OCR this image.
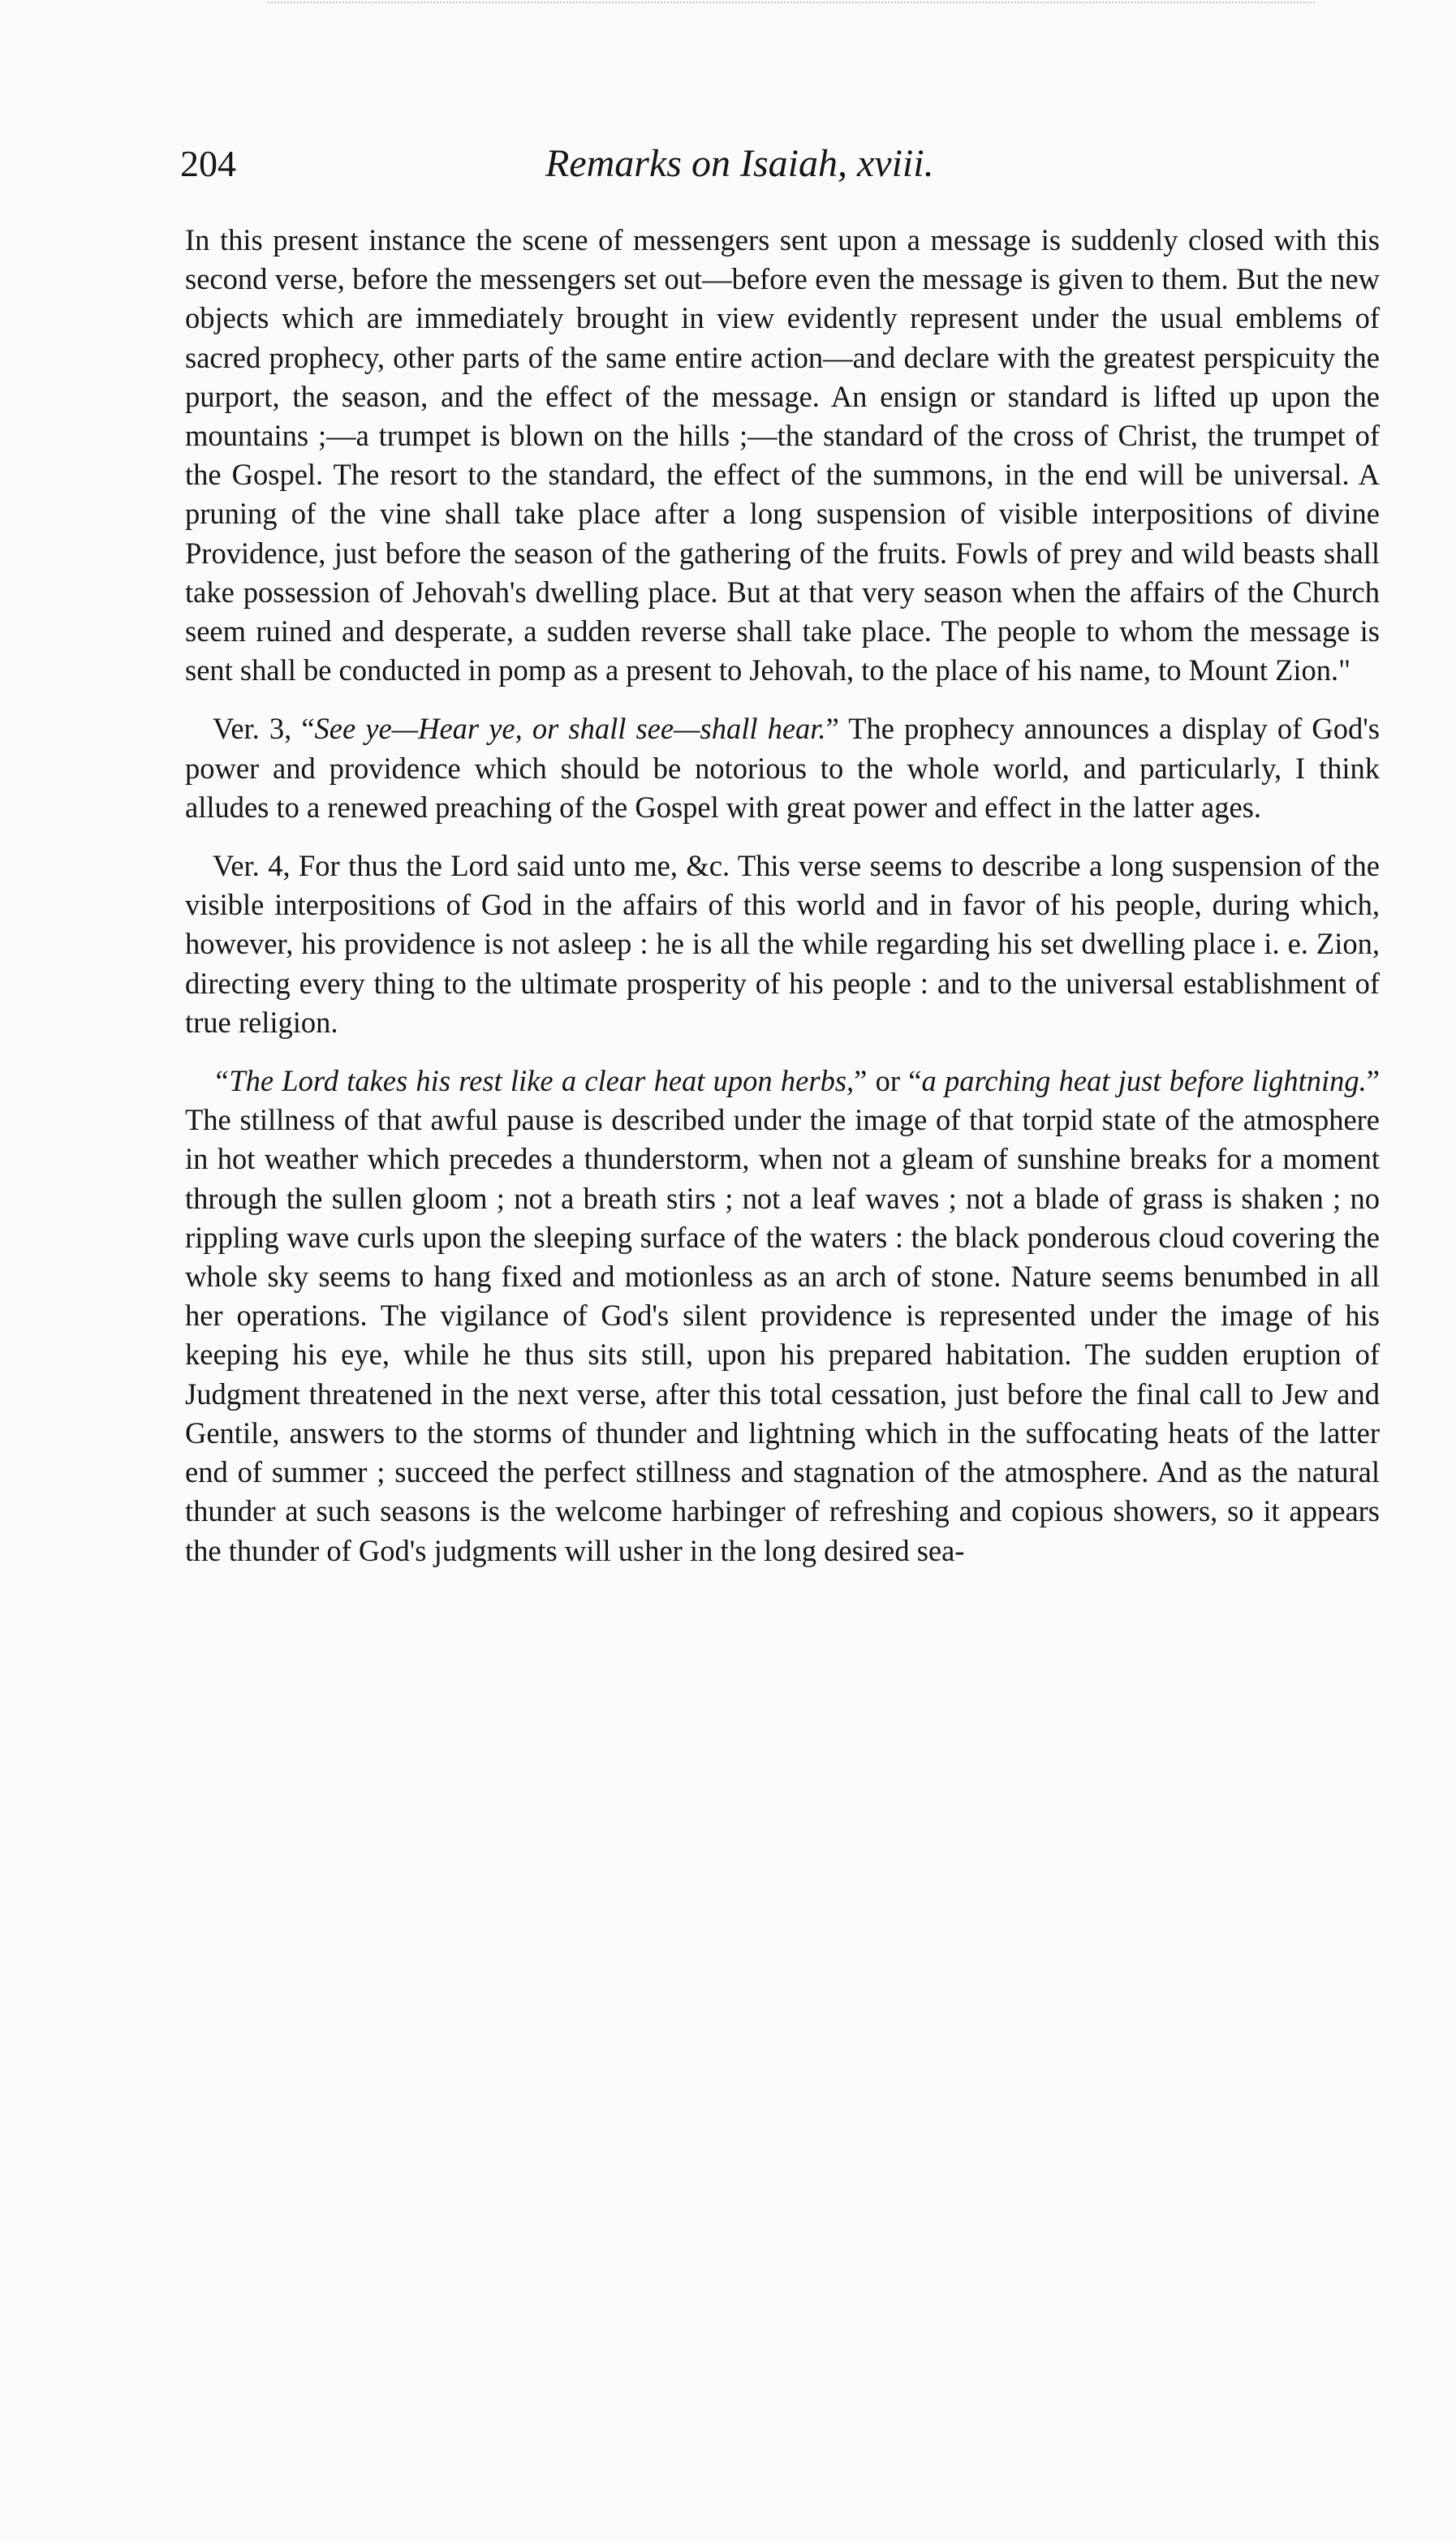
204	Remarks on Isaiah, xviii.

In this present instance the scene of messengers sent upon a message is suddenly closed with this second verse, before the messengers set out—before even the message is given to them. But the new objects which are immediately brought in view evidently represent under the usual emblems of sacred prophecy, other parts of the same entire action—and declare with the greatest perspicuity the purport, the season, and the effect of the message. An ensign or standard is lifted up upon the mountains ;—a trumpet is blown on the hills ;—the standard of the cross of Christ, the trumpet of the Gospel. The resort to the standard, the effect of the summons, in the end will be universal. A pruning of the vine shall take place after a long suspension of visible interpositions of divine Providence, just before the season of the gathering of the fruits. Fowls of prey and wild beasts shall take possession of Jehovah's dwelling place. But at that very season when the affairs of the Church seem ruined and desperate, a sudden reverse shall take place. The people to whom the message is sent shall be conducted in pomp as a present to Jehovah, to the place of his name, to Mount Zion."

Ver. 3, “See ye—Hear ye, or shall see—shall hear.” The prophecy announces a display of God's power and providence which should be notorious to the whole world, and particularly, I think alludes to a renewed preaching of the Gospel with great power and effect in the latter ages.

Ver. 4, For thus the Lord said unto me, &c. This verse seems to describe a long suspension of the visible interpositions of God in the affairs of this world and in favor of his people, during which, however, his providence is not asleep : he is all the while regarding his set dwelling place i. e. Zion, directing every thing to the ultimate prosperity of his people : and to the universal establishment of true religion.

“The Lord takes his rest like a clear heat upon herbs,” or “a parching heat just before lightning.” The stillness of that awful pause is described under the image of that torpid state of the atmosphere in hot weather which precedes a thunderstorm, when not a gleam of sunshine breaks for a moment through the sullen gloom ; not a breath stirs ; not a leaf waves ; not a blade of grass is shaken ; no rippling wave curls upon the sleeping surface of the waters : the black ponderous cloud covering the whole sky seems to hang fixed and motionless as an arch of stone. Nature seems benumbed in all her operations. The vigilance of God's silent providence is represented under the image of his keeping his eye, while he thus sits still, upon his prepared habitation. The sudden eruption of Judgment threatened in the next verse, after this total cessation, just before the final call to Jew and Gentile, answers to the storms of thunder and lightning which in the suffocating heats of the latter end of summer ; succeed the perfect stillness and stagnation of the atmosphere. And as the natural thunder at such seasons is the welcome harbinger of refreshing and copious showers, so it appears the thunder of God's judgments will usher in the long desired sea-
